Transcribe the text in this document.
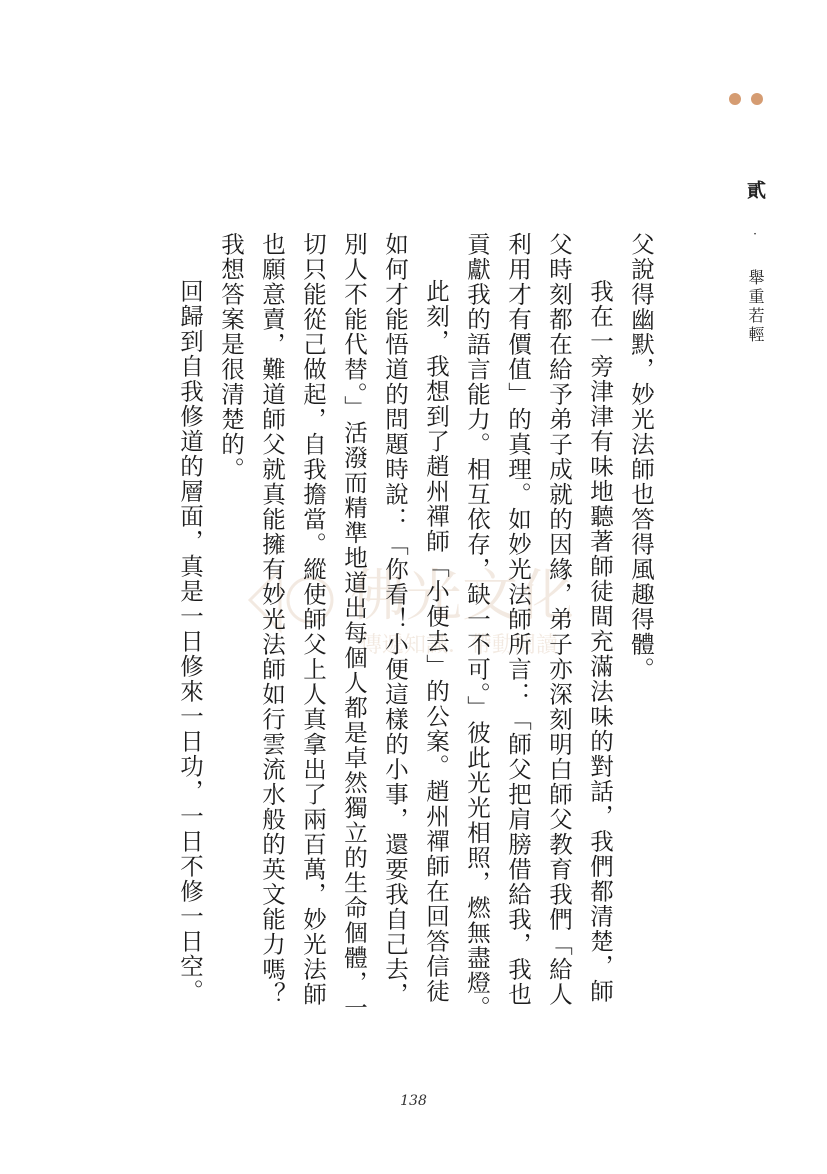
貳 · 舉重若輕
佛光文化
傳遞知識．帶動閱讀	父說得幽默，妙光法師也答得風趣得體。

我在一旁津津有味地聽著師徒間充滿法味的對話，我們都清楚，師父時刻都在給予弟子成就的因緣，弟子亦深刻明白師父教育我們「給人利用才有價值」的真理。如妙光法師所言：「師父把肩膀借給我，我也貢獻我的語言能力。相互依存，缺一不可。」彼此光光相照，燃無盡燈。

此刻，我想到了趙州禪師「小便去」的公案。趙州禪師在回答信徒如何才能悟道的問題時說：「你看！小便這樣的小事，還要我自己去，別人不能代替。」活潑而精準地道出每個人都是卓然獨立的生命個體，一切只能從己做起，自我擔當。縱使師父上人真拿出了兩百萬，妙光法師也願意賣，難道師父就真能擁有妙光法師如行雲流水般的英文能力嗎？我想答案是很清楚的。

回歸到自我修道的層面，真是一日修來一日功，一日不修一日空。

138
